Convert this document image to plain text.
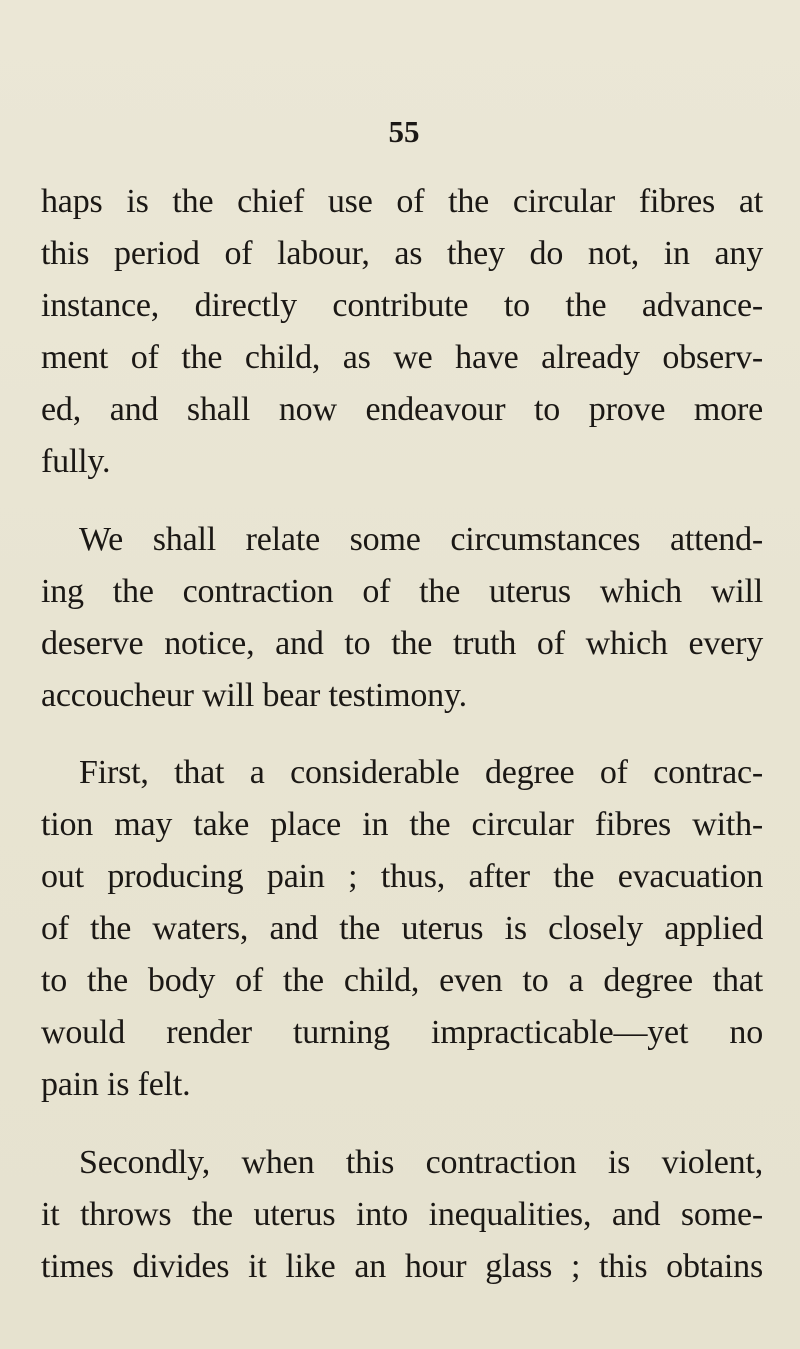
55
haps is the chief use of the circular fibres at
this period of labour, as they do not, in any
instance, directly contribute to the advance-
ment of the child, as we have already observ-
ed, and shall now endeavour to prove more
fully.
We shall relate some circumstances attend-
ing the contraction of the uterus which will
deserve notice, and to the truth of which every
accoucheur will bear testimony.
First, that a considerable degree of contrac-
tion may take place in the circular fibres with-
out producing pain ; thus, after the evacuation
of the waters, and the uterus is closely applied
to the body of the child, even to a degree that
would render turning impracticable—yet no
pain is felt.
Secondly, when this contraction is violent,
it throws the uterus into inequalities, and some-
times divides it like an hour glass ; this obtains
